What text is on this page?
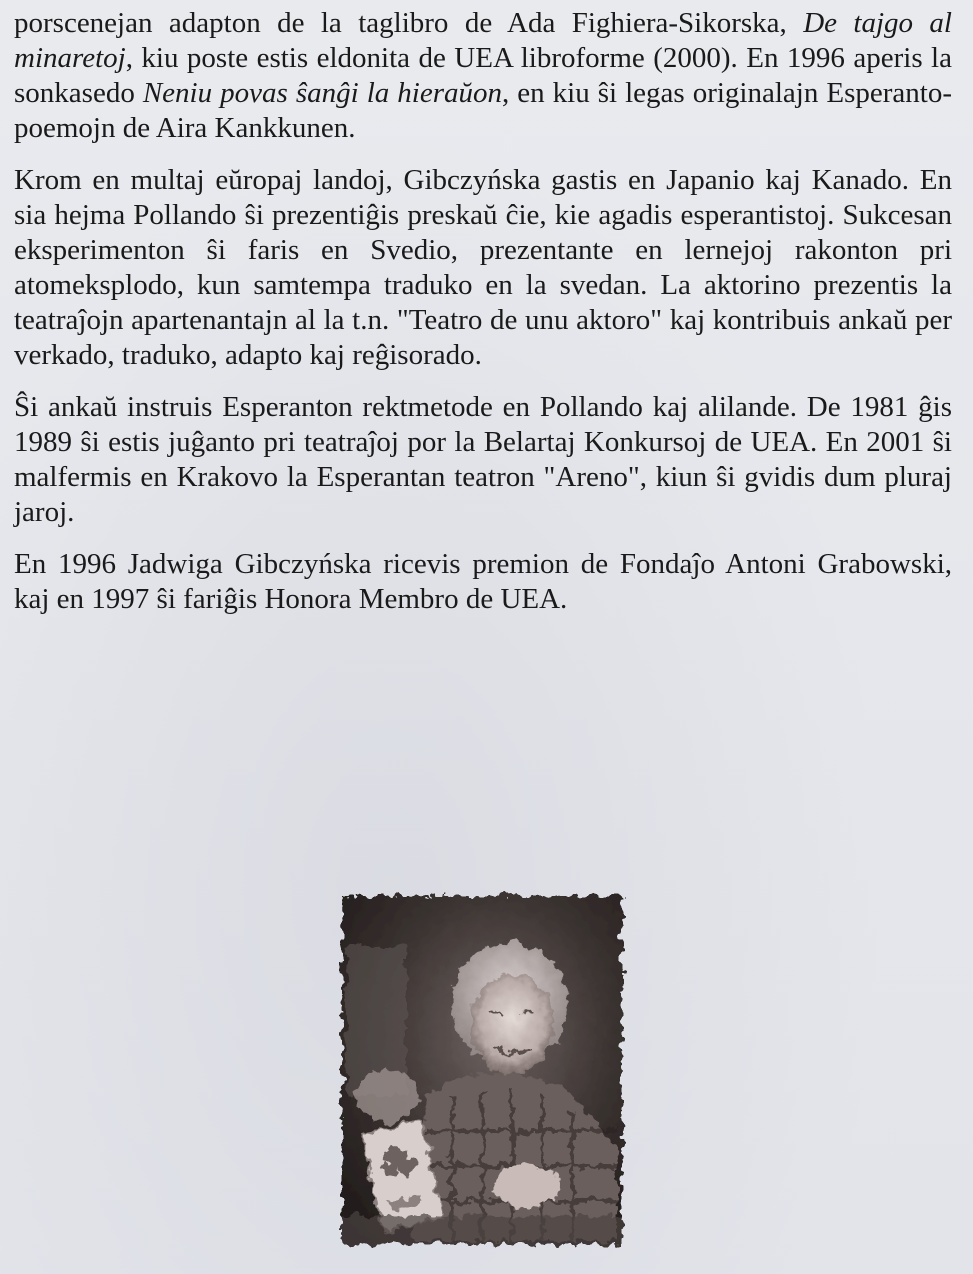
porscenejan adapton de la taglibro de Ada Fighiera-Sikorska, De tajgo al minaretoj, kiu poste estis eldonita de UEA libroforme (2000). En 1996 aperis la sonkasedo Neniu povas ŝanĝi la hieraŭon, en kiu ŝi legas originalajn Esperanto-poemojn de Aira Kankkunen.

Krom en multaj eŭropaj landoj, Gibczyńska gastis en Japanio kaj Kanado. En sia hejma Pollando ŝi prezentiĝis preskaŭ ĉie, kie agadis esperantistoj. Sukcesan eksperimenton ŝi faris en Svedio, prezentante en lernejoj rakonton pri atomeksplodo, kun samtempa traduko en la svedan. La aktorino prezentis la teatraĵojn apartenantajn al la t.n. "Teatro de unu aktoro" kaj kontribuis ankaŭ per verkado, traduko, adapto kaj reĝisorado.

Ŝi ankaŭ instruis Esperanton rektmetode en Pollando kaj alilande. De 1981 ĝis 1989 ŝi estis juĝanto pri teatraĵoj por la Belartaj Konkursoj de UEA. En 2001 ŝi malfermis en Krakovo la Esperantan teatron "Areno", kiun ŝi gvidis dum pluraj jaroj.

En 1996 Jadwiga Gibczyńska ricevis premion de Fondaĵo Antoni Grabowski, kaj en 1997 ŝi fariĝis Honora Membro de UEA.
